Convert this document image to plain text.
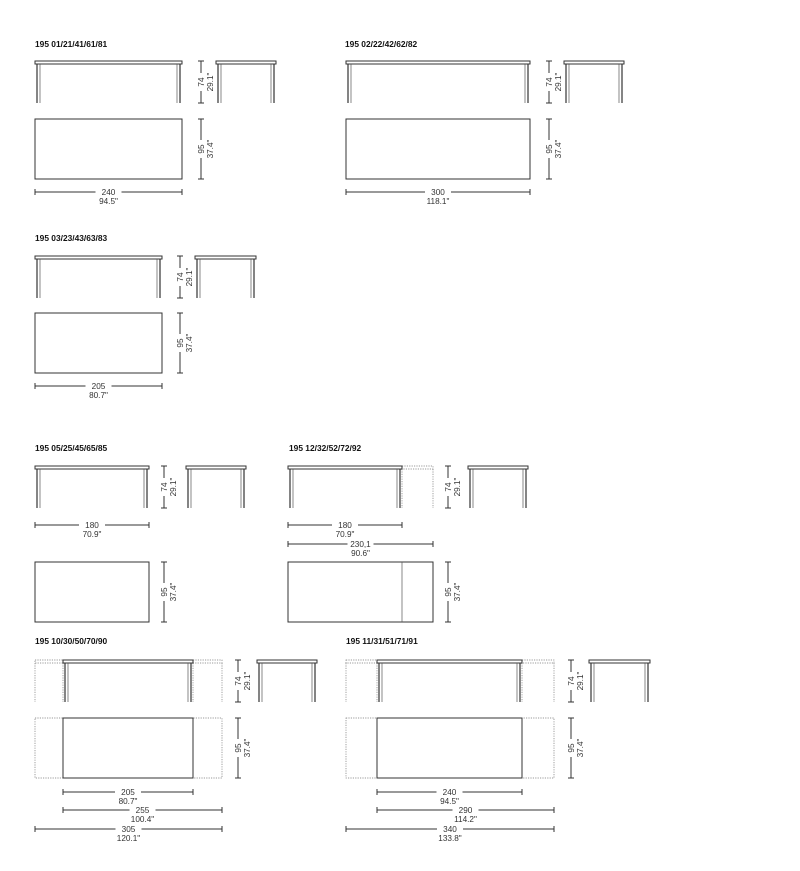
195 01/21/41/61/81
74 29.1"
95 37.4"
240
94.5"
195 02/22/42/62/82
74 29.1"
95 37.4"
300
118.1"
195 03/23/43/63/83
74 29.1"
95 37.4"
205
80.7"
195 05/25/45/65/85
74 29.1"
95 37.4"
180
70.9"
195 12/32/52/72/92
74 29.1"
95 37.4"
180
70.9"
230,1
90.6"
195 10/30/50/70/90
74 29.1"
95 37.4"
205
80.7"
255
100.4"
305
120.1"
195 11/31/51/71/91
74 29.1"
95 37.4"
240
94.5"
290
114.2"
340
133.8"
